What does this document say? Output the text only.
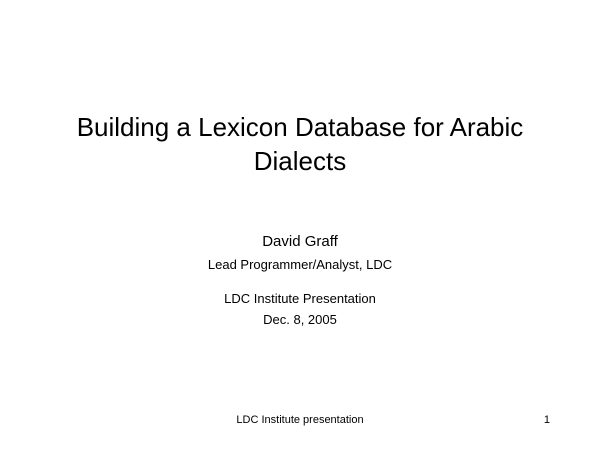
Building a Lexicon Database for Arabic
Dialects

David Graff

Lead Programmer/Analyst, LDC

LDC Institute Presentation

Dec. 8, 2005

LDC Institute presentation	1
